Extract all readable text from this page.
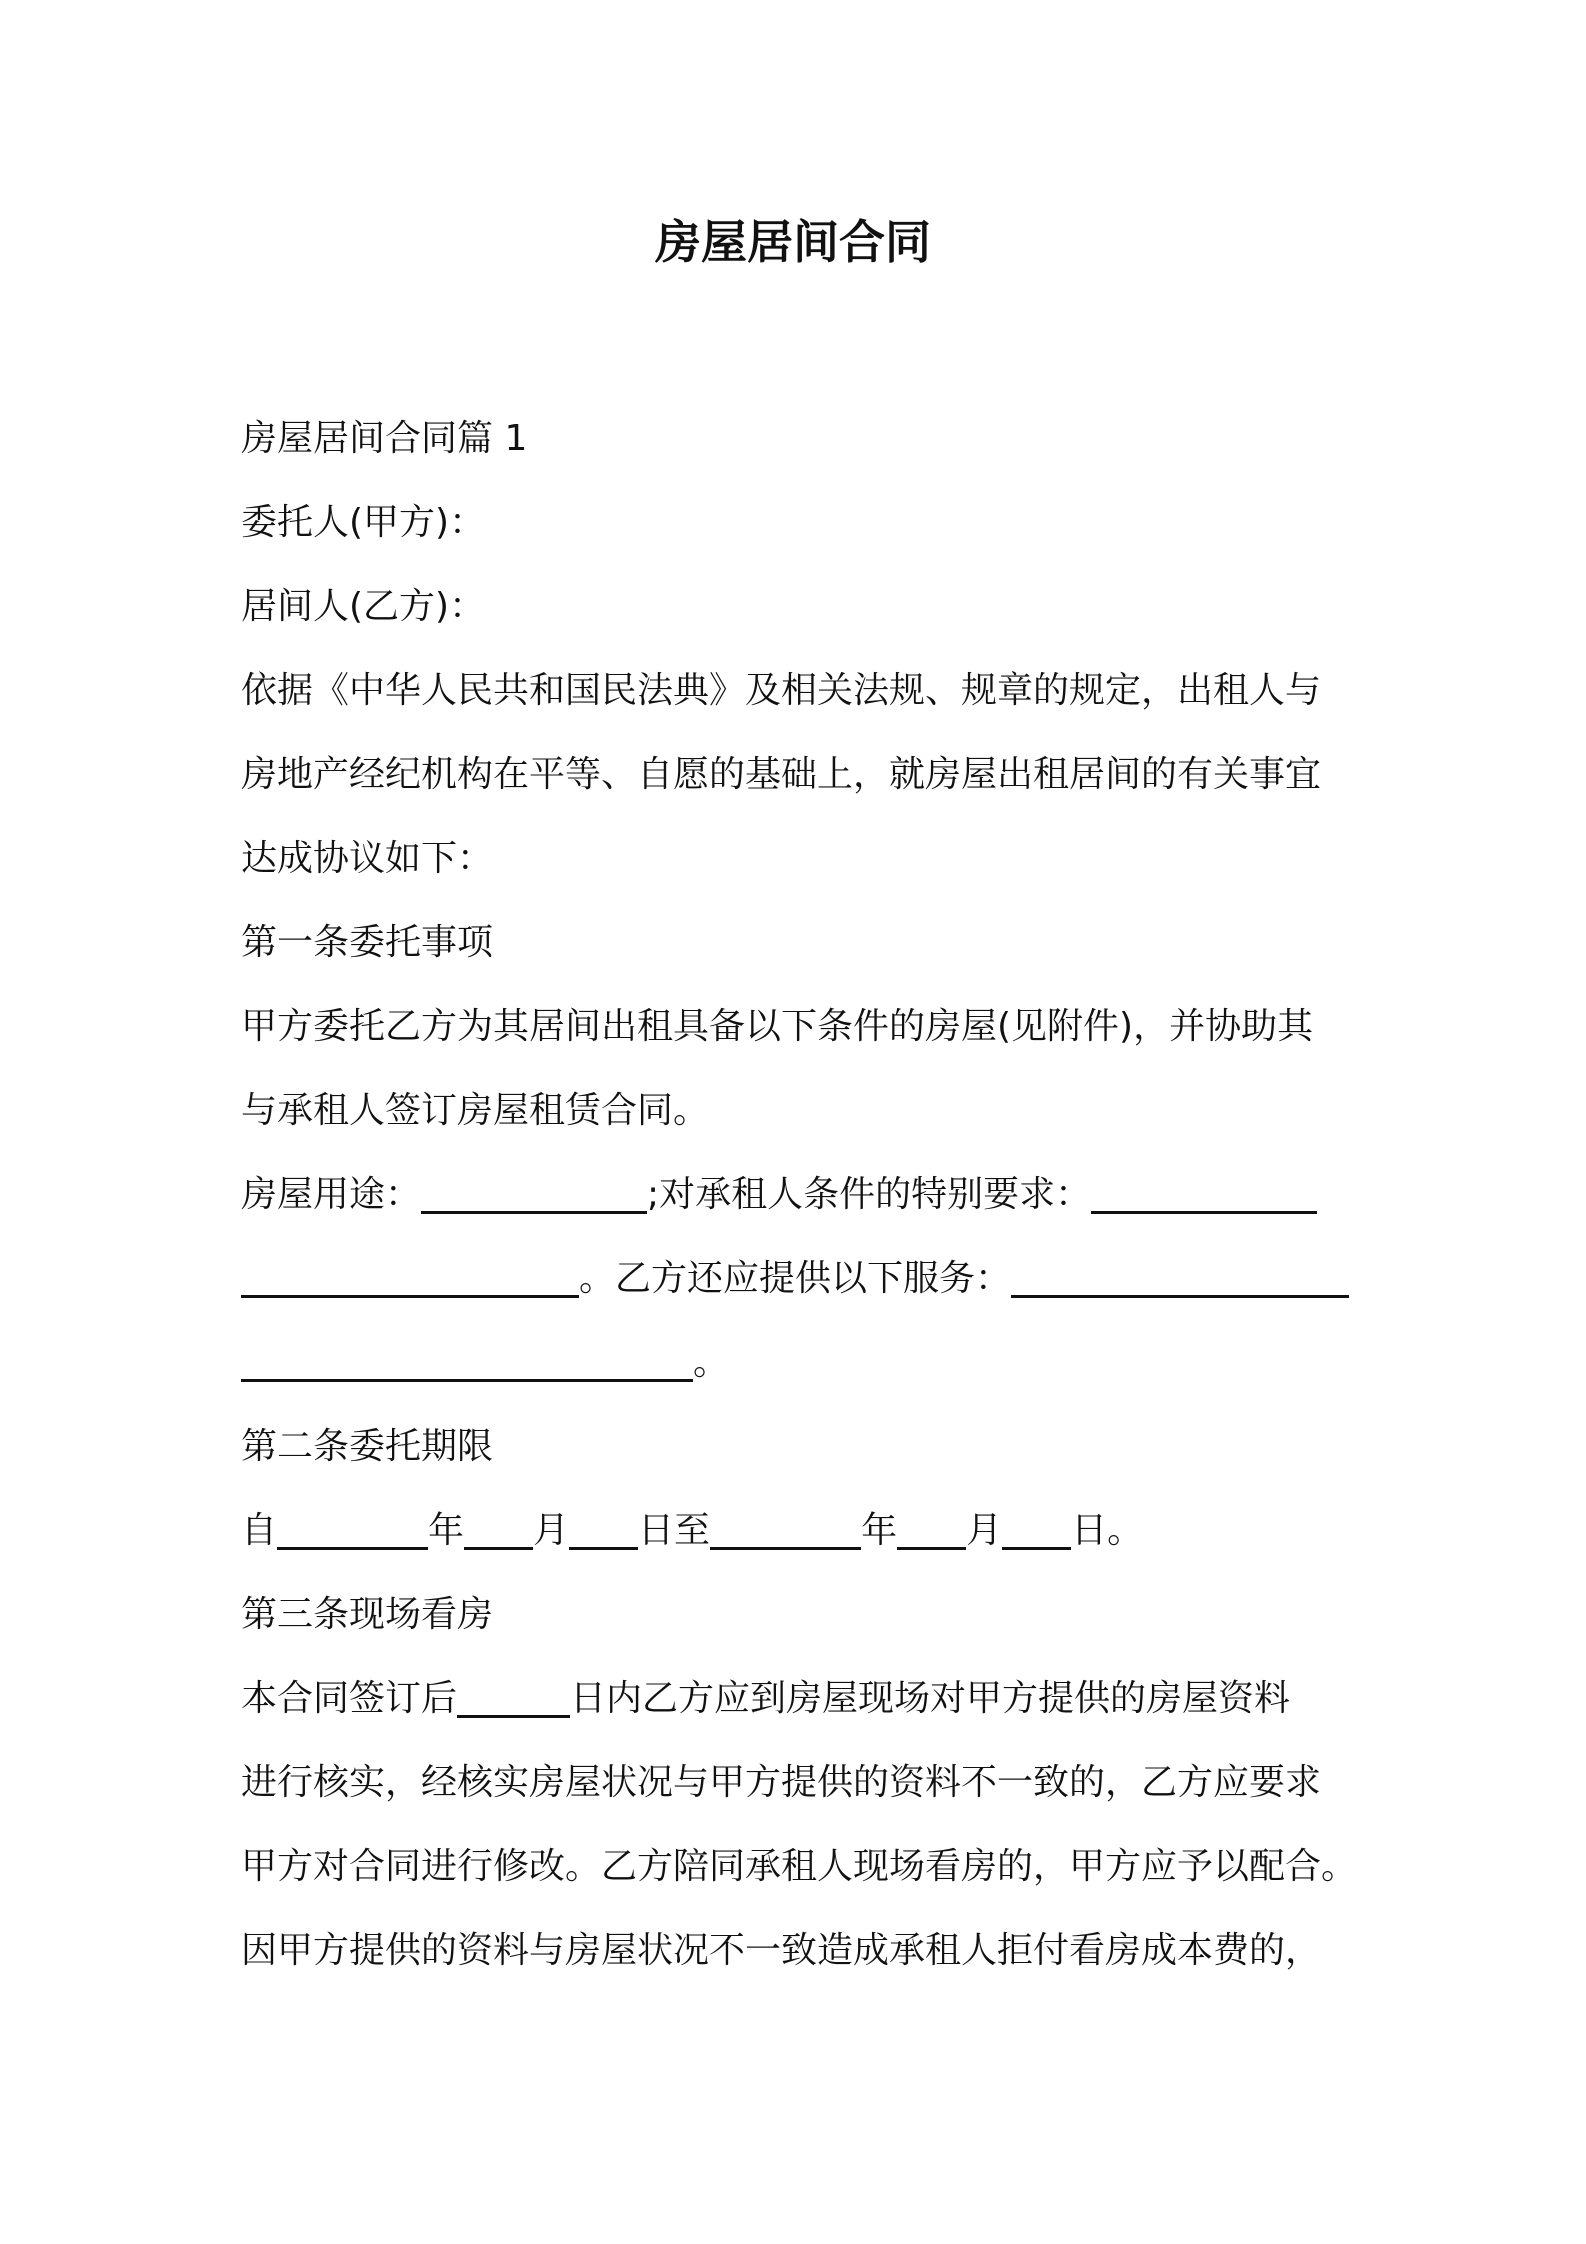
房屋居间合同
房屋居间合同篇 1
委托人(甲方)：
居间人(乙方)：
依据《中华人民共和国民法典》及相关法规、规章的规定，出租人与
房地产经纪机构在平等、自愿的基础上，就房屋出租居间的有关事宜
达成协议如下：
第一条委托事项
甲方委托乙方为其居间出租具备以下条件的房屋(见附件)，并协助其
与承租人签订房屋租赁合同。
房屋用途：	;对承租人条件的特别要求：
。乙方还应提供以下服务：
。
第二条委托期限
自	年 月 日至	年 月 日。
第三条现场看房
本合同签订后	日内乙方应到房屋现场对甲方提供的房屋资料
进行核实，经核实房屋状况与甲方提供的资料不一致的，乙方应要求
甲方对合同进行修改。乙方陪同承租人现场看房的，甲方应予以配合。
因甲方提供的资料与房屋状况不一致造成承租人拒付看房成本费的，
